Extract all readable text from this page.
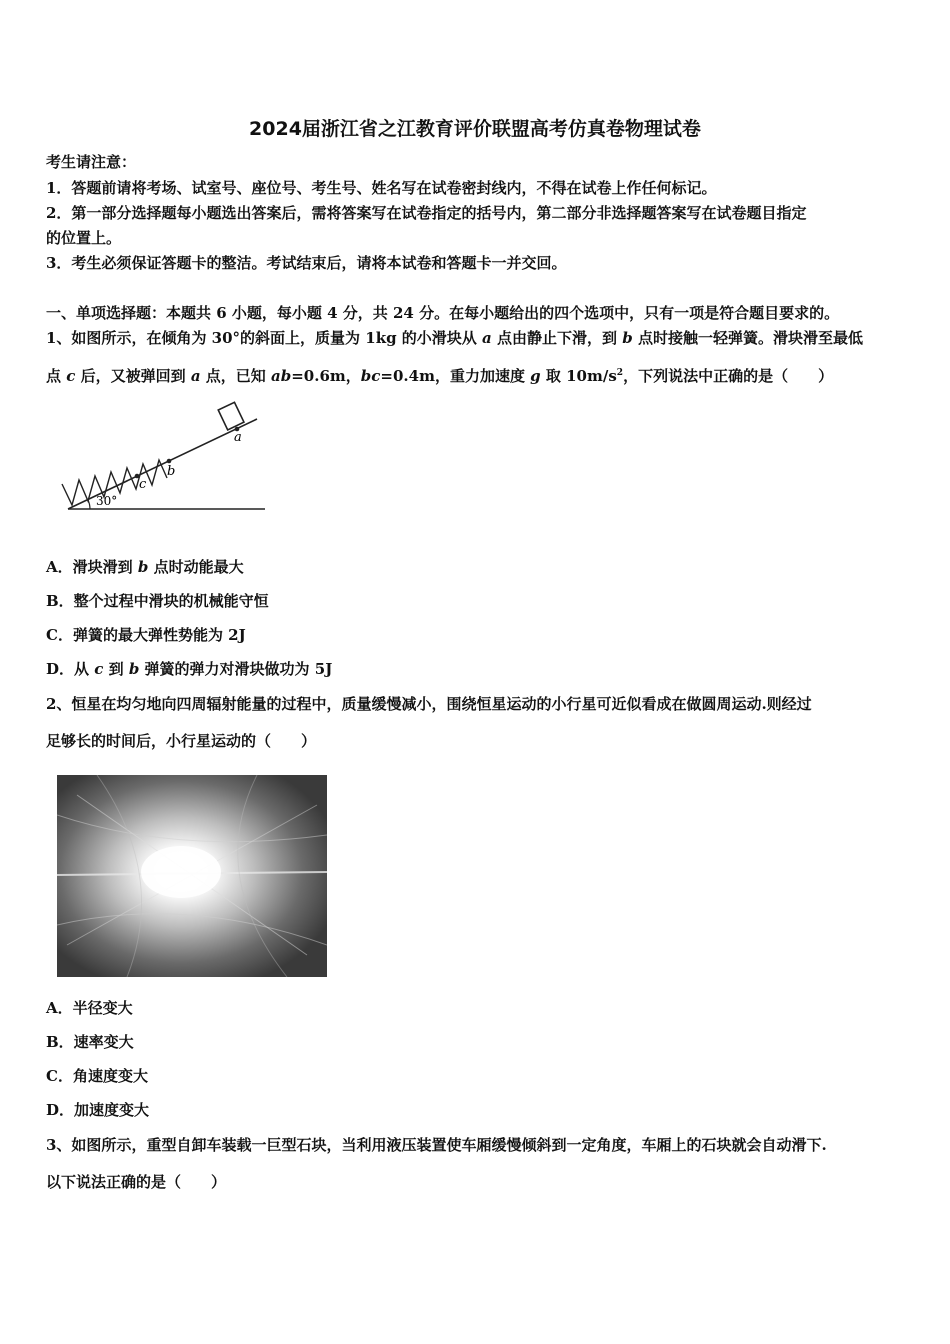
2024届浙江省之江教育评价联盟高考仿真卷物理试卷
考生请注意：
1．答题前请将考场、试室号、座位号、考生号、姓名写在试卷密封线内，不得在试卷上作任何标记。
2．第一部分选择题每小题选出答案后，需将答案写在试卷指定的括号内，第二部分非选择题答案写在试卷题目指定
的位置上。
3．考生必须保证答题卡的整洁。考试结束后，请将本试卷和答题卡一并交回。
一、单项选择题：本题共 6 小题，每小题 4 分，共 24 分。在每小题给出的四个选项中，只有一项是符合题目要求的。
1、如图所示，在倾角为 30°的斜面上，质量为 1kg 的小滑块从 a 点由静止下滑，到 b 点时接触一轻弹簧。滑块滑至最低
点 c 后，又被弹回到 a 点，已知 ab=0.6m，bc=0.4m，重力加速度 g 取 $10m/s^2$，下列说法中正确的是（　　）
a
b
c
30°
A．滑块滑到 b 点时动能最大
B．整个过程中滑块的机械能守恒
C．弹簧的最大弹性势能为 2J
D．从 c 到 b 弹簧的弹力对滑块做功为 5J
2、恒星在均匀地向四周辐射能量的过程中，质量缓慢减小，围绕恒星运动的小行星可近似看成在做圆周运动.则经过
足够长的时间后，小行星运动的（　　）
A．半径变大
B．速率变大
C．角速度变大
D．加速度变大
3、如图所示，重型自卸车装载一巨型石块，当利用液压装置使车厢缓慢倾斜到一定角度，车厢上的石块就会自动滑下.
以下说法正确的是（　　）
